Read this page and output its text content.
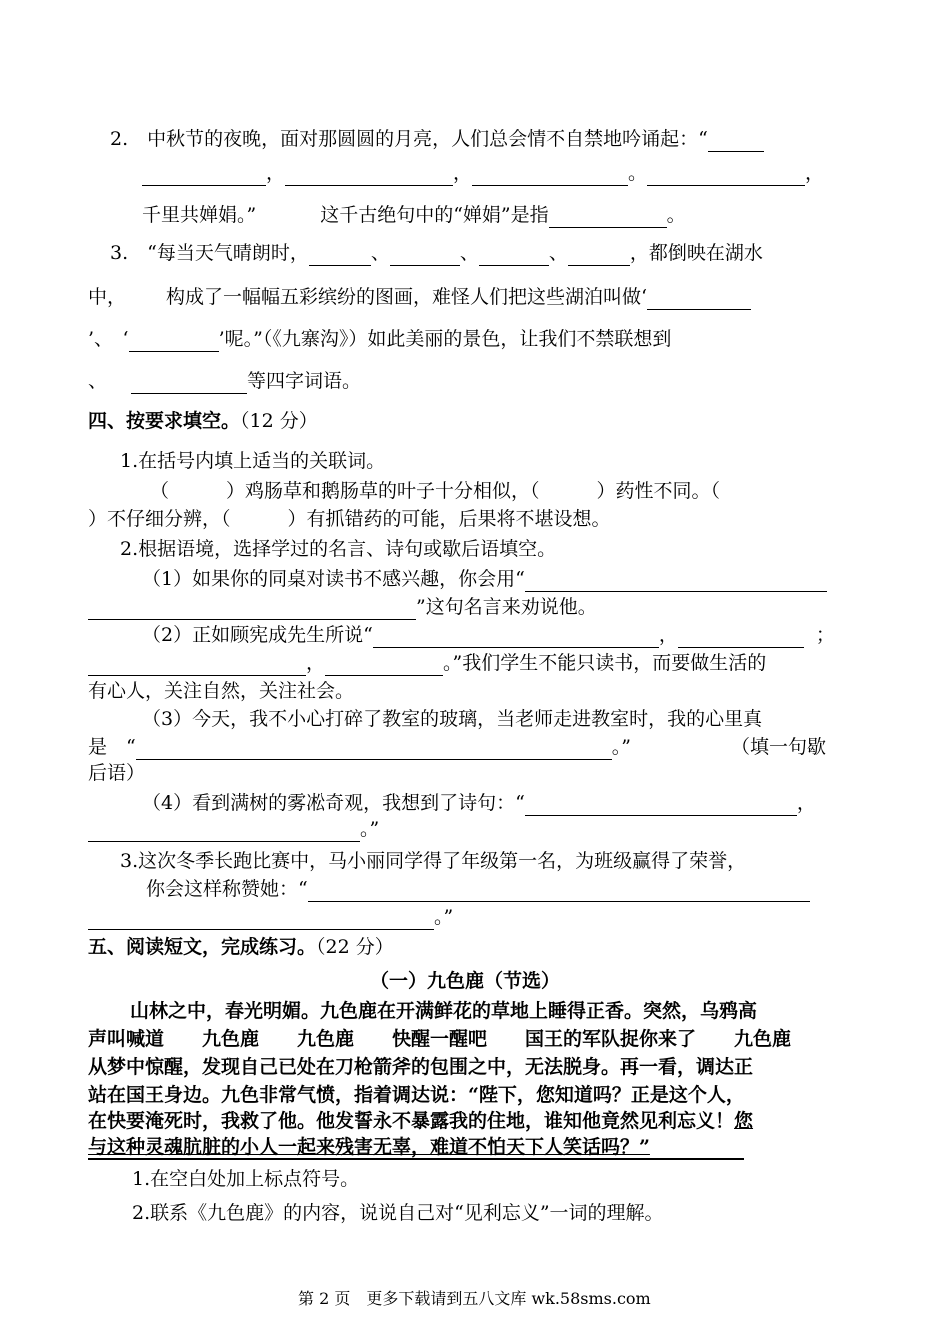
2.　中秋节的夜晚，面对那圆圆的月亮，人们总会情不自禁地吟诵起：“
，	，	。	，
千里共婵娟。”	这千古绝句中的“婵娟”是指	。
3.　“每当天气晴朗时，	、	、	、	，都倒映在湖水
中， 构成了一幅幅五彩缤纷的图画，难怪人们把这些湖泊叫做‘
’、　‘	’呢。”（《九寨沟》）如此美丽的景色，让我们不禁联想到
、	等四字词语。
四、按要求填空。（12 分）
1.在括号内填上适当的关联词。
（　　　）鸡肠草和鹅肠草的叶子十分相似，（　　　）药性不同。（
）不仔细分辨，（　　　）有抓错药的可能，后果将不堪设想。
2.根据语境，选择学过的名言、诗句或歇后语填空。
（1）如果你的同桌对读书不感兴趣，你会用“
”这句名言来劝说他。
（2）正如顾宪成先生所说“	，	；
，	。”我们学生不能只读书，而要做生活的
有心人，关注自然，关注社会。
（3）今天，我不小心打碎了教室的玻璃，当老师走进教室时，我的心里真
是　“	。”	（填一句歇
后语）
（4）看到满树的雾凇奇观，我想到了诗句：“	，
。”
3.这次冬季长跑比赛中，马小丽同学得了年级第一名，为班级赢得了荣誉，
你会这样称赞她：“
。”
五、阅读短文，完成练习。（22 分）
（一）九色鹿（节选）
山林之中，春光明媚。九色鹿在开满鲜花的草地上睡得正香。突然，乌鸦高
声叫喊道　　九色鹿　　九色鹿　　快醒一醒吧　　国王的军队捉你来了　　九色鹿
从梦中惊醒，发现自己已处在刀枪箭斧的包围之中，无法脱身。再一看，调达正
站在国王身边。九色非常气愤，指着调达说：“陛下，您知道吗？正是这个人，
在快要淹死时，我救了他。他发誓永不暴露我的住地，谁知他竟然见利忘义！您
与这种灵魂肮脏的小人一起来残害无辜，难道不怕天下人笑话吗？”
1.在空白处加上标点符号。
2.联系《九色鹿》的内容，说说自己对“见利忘义”一词的理解。
第 2 页　更多下载请到五八文库 wk.58sms.com
